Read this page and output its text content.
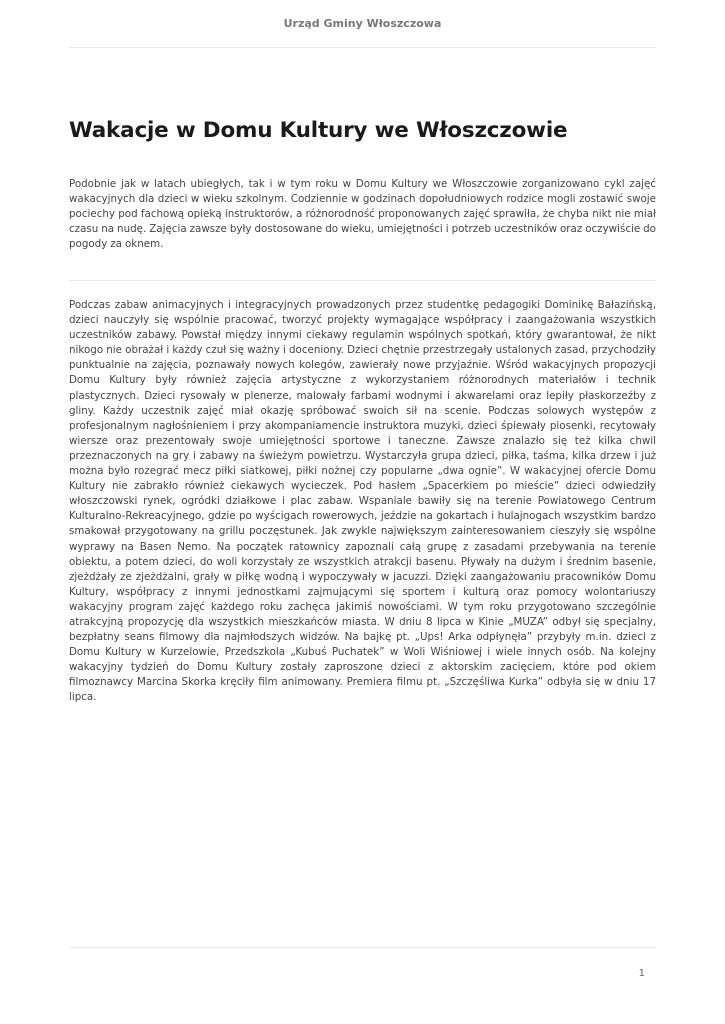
Urząd Gminy Włoszczowa
Wakacje w Domu Kultury we Włoszczowie

Podobnie jak w latach ubiegłych, tak i w tym roku w Domu Kultury we Włoszczowie zorganizowano cykl zajęć wakacyjnych dla dzieci w wieku szkolnym. Codziennie w godzinach dopołudniowych rodzice mogli zostawić swoje pociechy pod fachową opieką instruktorów, a różnorodność proponowanych zajęć sprawiła, że chyba nikt nie miał czasu na nudę. Zajęcia zawsze były dostosowane do wieku, umiejętności i potrzeb uczestników oraz oczywiście do pogody za oknem.

Podczas zabaw animacyjnych i integracyjnych prowadzonych przez studentkę pedagogiki Dominikę Bałazińską, dzieci nauczyły się wspólnie pracować, tworzyć projekty wymagające współpracy i zaangażowania wszystkich uczestników zabawy. Powstał między innymi ciekawy regulamin wspólnych spotkań, który gwarantował, że nikt nikogo nie obrażał i każdy czuł się ważny i doceniony. Dzieci chętnie przestrzegały ustalonych zasad, przychodziły punktualnie na zajęcia, poznawały nowych kolegów, zawierały nowe przyjaźnie. Wśród wakacyjnych propozycji Domu Kultury były również zajęcia artystyczne z wykorzystaniem różnorodnych materiałów i technik plastycznych. Dzieci rysowały w plenerze, malowały farbami wodnymi i akwarelami oraz lepiły płaskorzeźby z gliny. Każdy uczestnik zajęć miał okazję spróbować swoich sił na scenie. Podczas solowych występów z profesjonalnym nagłośnieniem i przy akompaniamencie instruktora muzyki, dzieci śpiewały piosenki, recytowały wiersze oraz prezentowały swoje umiejętności sportowe i taneczne. Zawsze znalazło się też kilka chwil przeznaczonych na gry i zabawy na świeżym powietrzu. Wystarczyła grupa dzieci, piłka, taśma, kilka drzew i już można było rozegrać mecz piłki siatkowej, piłki nożnej czy popularne „dwa ognie”. W wakacyjnej ofercie Domu Kultury nie zabrakło również ciekawych wycieczek. Pod hasłem „Spacerkiem po mieście” dzieci odwiedziły włoszczowski rynek, ogródki działkowe i plac zabaw. Wspaniale bawiły się na terenie Powiatowego Centrum Kulturalno-Rekreacyjnego, gdzie po wyścigach rowerowych, jeździe na gokartach i hulajnogach wszystkim bardzo smakował przygotowany na grillu poczęstunek. Jak zwykle największym zainteresowaniem cieszyły się wspólne wyprawy na Basen Nemo. Na początek ratownicy zapoznali całą grupę z zasadami przebywania na terenie obiektu, a potem dzieci, do woli korzystały ze wszystkich atrakcji basenu. Pływały na dużym i średnim basenie, zjeżdżały ze zjeżdżalni, grały w piłkę wodną i wypoczywały w jacuzzi. Dzięki zaangażowaniu pracowników Domu Kultury, współpracy z innymi jednostkami zajmującymi się sportem i kulturą oraz pomocy wolontariuszy wakacyjny program zajęć każdego roku zachęca jakimiś nowościami. W tym roku przygotowano szczególnie atrakcyjną propozycję dla wszystkich mieszkańców miasta. W dniu 8 lipca w Kinie „MUZA” odbył się specjalny, bezpłatny seans filmowy dla najmłodszych widzów. Na bajkę pt. „Ups! Arka odpłynęła” przybyły m.in. dzieci z Domu Kultury w Kurzelowie, Przedszkola „Kubuś Puchatek” w Woli Wiśniowej i wiele innych osób. Na kolejny wakacyjny tydzień do Domu Kultury zostały zaproszone dzieci z aktorskim zacięciem, które pod okiem filmoznawcy Marcina Skorka kręciły film animowany. Premiera filmu pt. „Szczęśliwa Kurka” odbyła się w dniu 17 lipca.

1
